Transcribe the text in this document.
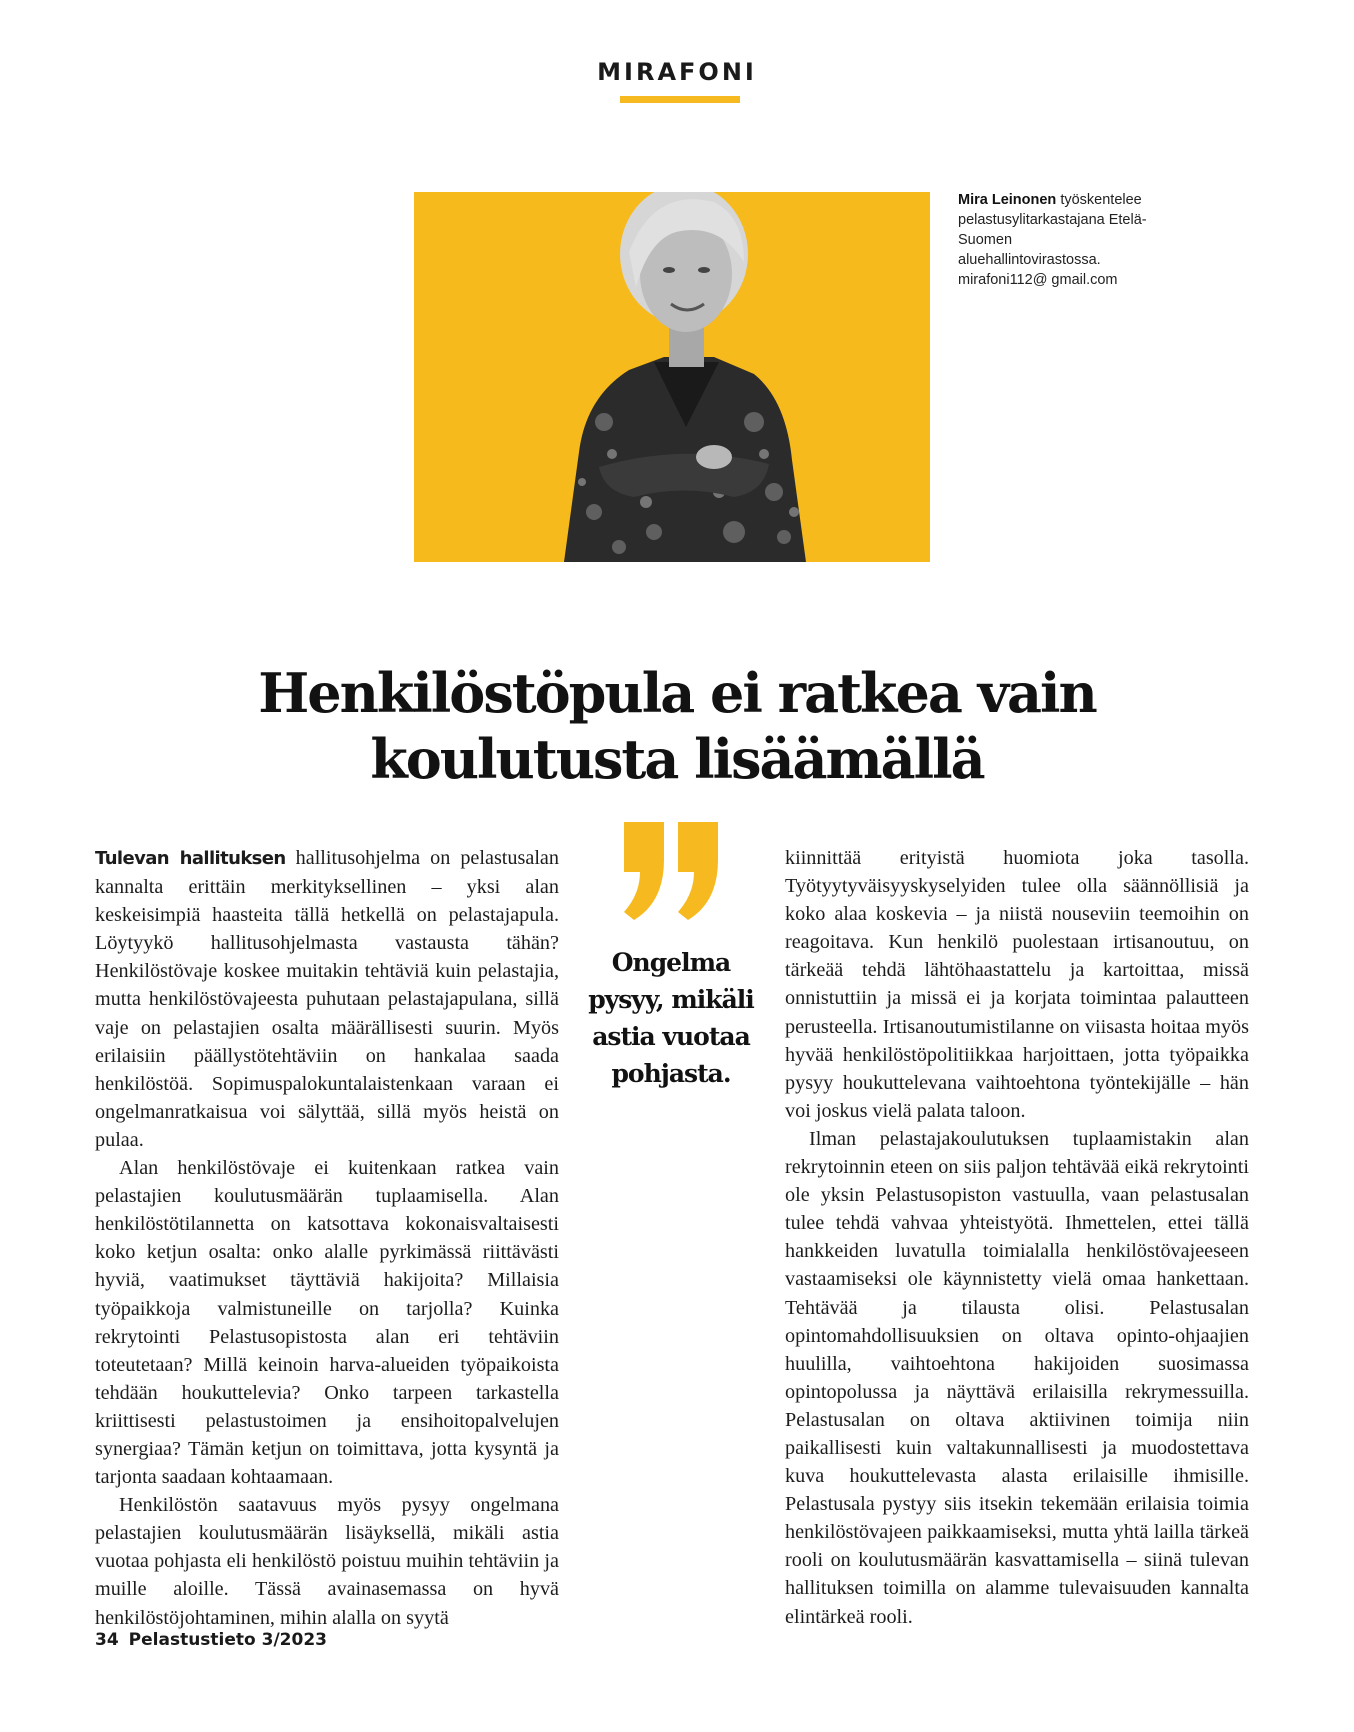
MIRAFONI
Mira Leinonen työskentelee pelastusylitarkastajana Etelä-Suomen aluehallintovirastossa. mirafoni112@ gmail.com
Henkilöstöpula ei ratkea vain
koulutusta lisäämällä

Tulevan hallituksen hallitusohjelma on pelastusalan kannalta erittäin merkityksellinen – yksi alan keskeisimpiä haasteita tällä hetkellä on pelastajapula. Löytyykö hallitusohjelmasta vastausta tähän? Henkilöstövaje koskee muitakin tehtäviä kuin pelastajia, mutta henkilöstövajeesta puhutaan pelastajapulana, sillä vaje on pelastajien osalta määrällisesti suurin. Myös erilaisiin päällystötehtäviin on hankalaa saada henkilöstöä. Sopimuspalokuntalaistenkaan varaan ei ongelmanratkaisua voi sälyttää, sillä myös heistä on pulaa.

Alan henkilöstövaje ei kuitenkaan ratkea vain pelastajien koulutusmäärän tuplaamisella. Alan henkilöstötilannetta on katsottava kokonaisvaltaisesti koko ketjun osalta: onko alalle pyrkimässä riittävästi hyviä, vaatimukset täyttäviä hakijoita? Millaisia työpaikkoja valmistuneille on tarjolla? Kuinka rekrytointi Pelastusopistosta alan eri tehtäviin toteutetaan? Millä keinoin harva-alueiden työpaikoista tehdään houkuttelevia? Onko tarpeen tarkastella kriittisesti pelastustoimen ja ensihoitopalvelujen synergiaa? Tämän ketjun on toimittava, jotta kysyntä ja tarjonta saadaan kohtaamaan.

Henkilöstön saatavuus myös pysyy ongelmana pelastajien koulutusmäärän lisäyksellä, mikäli astia vuotaa pohjasta eli henkilöstö poistuu muihin tehtäviin ja muille aloille. Tässä avainasemassa on hyvä henkilöstöjohtaminen, mihin alalla on syytä

Ongelma
pysyy, mikäli
astia vuotaa
pohjasta.

kiinnittää erityistä huomiota joka tasolla. Työtyytyväisyyskyselyiden tulee olla säännöllisiä ja koko alaa koskevia – ja niistä nouseviin teemoihin on reagoitava. Kun henkilö puolestaan irtisanoutuu, on tärkeää tehdä lähtöhaastattelu ja kartoittaa, missä onnistuttiin ja missä ei ja korjata toimintaa palautteen perusteella. Irtisanoutumistilanne on viisasta hoitaa myös hyvää henkilöstöpolitiikkaa harjoittaen, jotta työpaikka pysyy houkuttelevana vaihtoehtona työntekijälle – hän voi joskus vielä palata taloon.

Ilman pelastajakoulutuksen tuplaamistakin alan rekrytoinnin eteen on siis paljon tehtävää eikä rekrytointi ole yksin Pelastusopiston vastuulla, vaan pelastusalan tulee tehdä vahvaa yhteistyötä. Ihmettelen, ettei tällä hankkeiden luvatulla toimialalla henkilöstövajeeseen vastaamiseksi ole käynnistetty vielä omaa hankettaan. Tehtävää ja tilausta olisi. Pelastusalan opintomahdollisuuksien on oltava opinto-ohjaajien huulilla, vaihtoehtona hakijoiden suosimassa opintopolussa ja näyttävä erilaisilla rekrymessuilla. Pelastusalan on oltava aktiivinen toimija niin paikallisesti kuin valtakunnallisesti ja muodostettava kuva houkuttelevasta alasta erilaisille ihmisille. Pelastusala pystyy siis itsekin tekemään erilaisia toimia henkilöstövajeen paikkaamiseksi, mutta yhtä lailla tärkeä rooli on koulutusmäärän kasvattamisella – siinä tulevan hallituksen toimilla on alamme tulevaisuuden kannalta elintärkeä rooli.

34 Pelastustieto 3/2023
